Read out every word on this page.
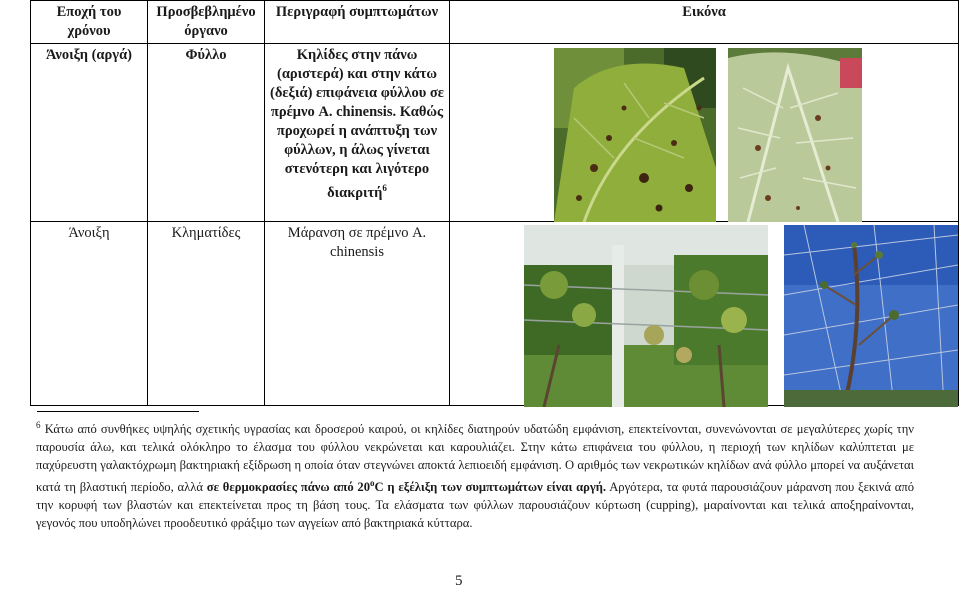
Εποχή του χρόνου	Προσβεβλημένο όργανο	Περιγραφή συμπτωμάτων	Εικόνα
Άνοιξη (αργά)	Φύλλο	Κηλίδες στην πάνω (αριστερά) και στην κάτω (δεξιά) επιφάνεια φύλλου σε πρέμνο A. chinensis. Καθώς προχωρεί η ανάπτυξη των φύλλων, η άλως γίνεται στενότερη και λιγότερο διακριτή$^6$	

Άνοιξη	Κληματίδες	Μάρανση σε πρέμνο A. chinensis	
$^6$ Κάτω από συνθήκες υψηλής σχετικής υγρασίας και δροσερού καιρού, οι κηλίδες διατηρούν υδατώδη εμφάνιση, επεκτείνονται, συνενώνονται σε μεγαλύτερες χωρίς την παρουσία άλω, και τελικά ολόκληρο το έλασμα του φύλλου νεκρώνεται και καρουλιάζει. Στην κάτω επιφάνεια του φύλλου, η περιοχή των κηλίδων καλύπτεται με παχύρευστη γαλακτόχρωμη βακτηριακή εξίδρωση η οποία όταν στεγνώνει αποκτά λεπιοειδή εμφάνιση. Ο αριθμός των νεκρωτικών κηλίδων ανά φύλλο μπορεί να αυξάνεται κατά τη βλαστική περίοδο, αλλά σε θερμοκρασίες πάνω από $20^oC$ η εξέλιξη των συμπτωμάτων είναι αργή. Αργότερα, τα φυτά παρουσιάζουν μάρανση που ξεκινά από την κορυφή των βλαστών και επεκτείνεται προς τη βάση τους. Τα ελάσματα των φύλλων παρουσιάζουν κύρτωση (cupping), μαραίνονται και τελικά αποξηραίνονται, γεγονός που υποδηλώνει προοδευτικό φράξιμο των αγγείων από βακτηριακά κύτταρα.
5
